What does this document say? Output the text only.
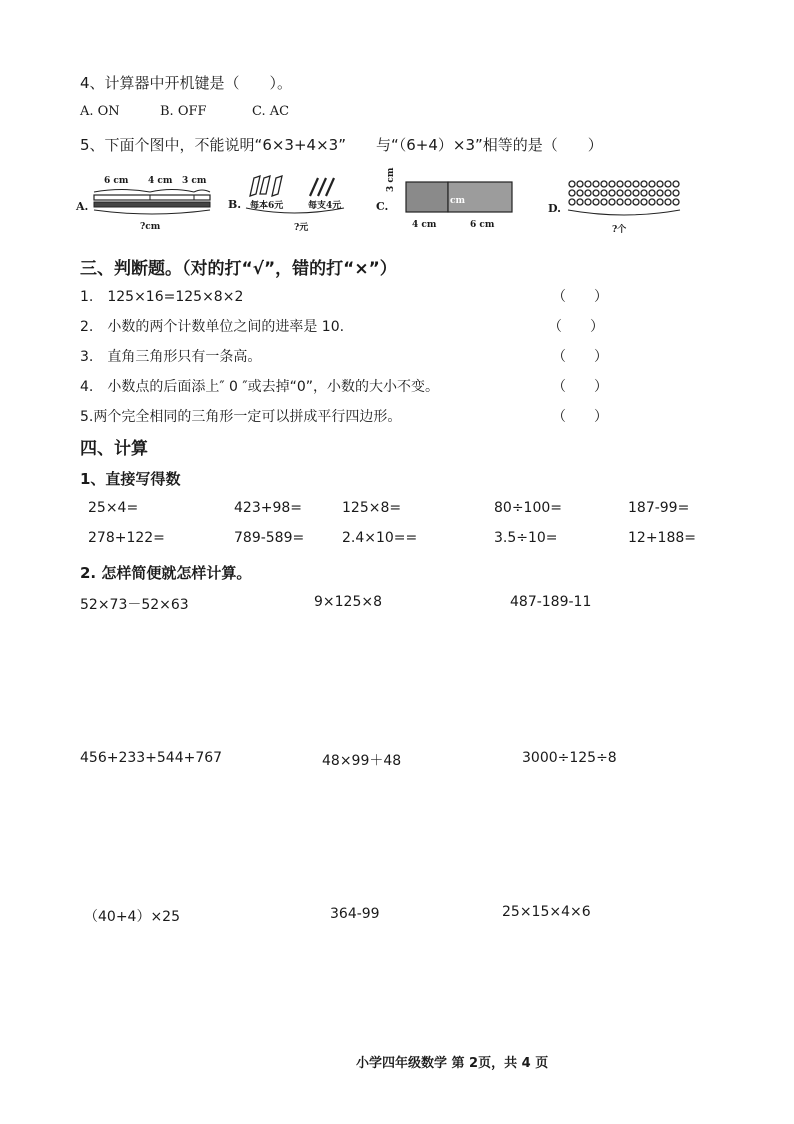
4、计算器中开机键是（　　）。
A. ON	B. OFF	C. AC
5、下面个图中，不能说明“6×3+4×3”　　与“（6+4）×3”相等的是（　　）
A.
6 cm 4 cm 3 cm
?cm
B. 每本6元	每支4元
?元
C.
3 cm
cm
4 cm	6 cm
D.
?个
三、判断题。（对的打“√”，错的打“×”）
1.　125×16=125×8×2	（　　）
2.　小数的两个计数单位之间的进率是 10.	（　　）
3.　直角三角形只有一条高。	（　　）
4.　小数点的后面添上″ 0 ″或去掉“0”，小数的大小不变。	（　　）
5.两个完全相同的三角形一定可以拼成平行四边形。	（　　）
四、计算
1、直接写得数
25×4=	423+98=	125×8=	80÷100=	187-99=
278+122=	789-589=	2.4×10==	3.5÷10=	12+188=
2. 怎样简便就怎样计算。
52×73－52×63	9×125×8	487-189-11
456+233+544+767	48×99＋48	3000÷125÷8
（40+4）×25	364-99	25×15×4×6
小学四年级数学 第 2页，共 4 页
